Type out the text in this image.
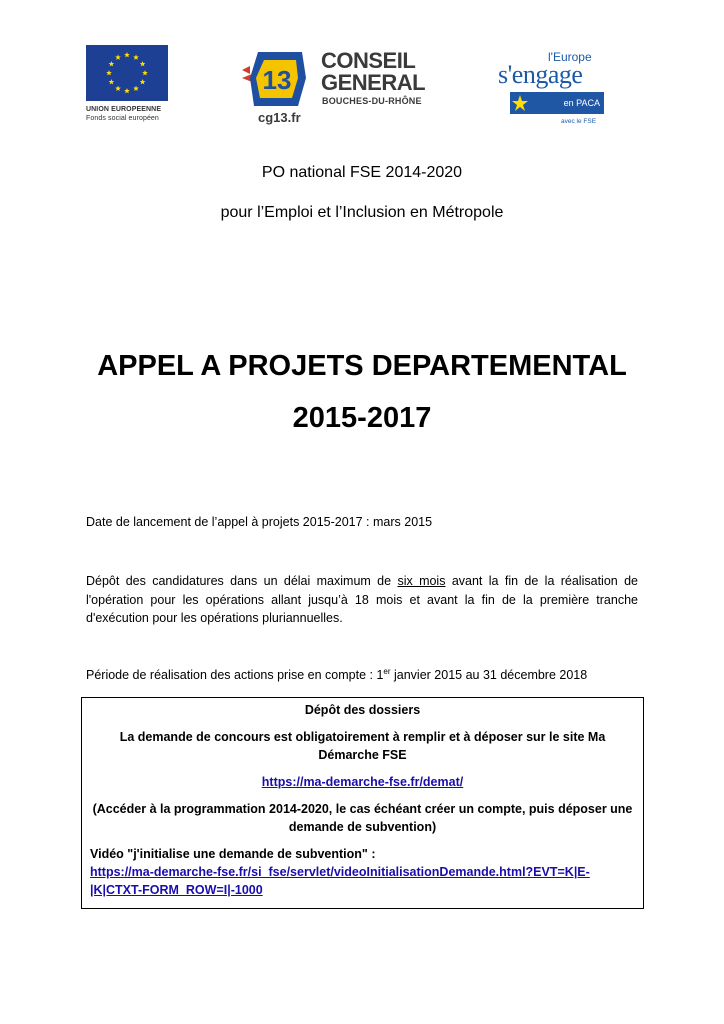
UNION EUROPEENNE
Fonds social européen
13
CONSEIL
GENERAL
BOUCHES-DU-RHÔNE
cg13.fr
l'Europe
s'engage
en PACA
avec le FSE
PO national FSE 2014-2020
pour l’Emploi et l’Inclusion en Métropole
APPEL A PROJETS DEPARTEMENTAL
2015-2017
Date de lancement de l’appel à projets 2015-2017 : mars 2015
Dépôt des candidatures dans un délai maximum de six mois avant la fin de la réalisation de l'opération pour les opérations allant jusqu’à 18 mois et avant la fin de la première tranche d'exécution pour les opérations pluriannuelles.
Période de réalisation des actions prise en compte : 1er janvier 2015 au 31 décembre 2018
Dépôt des dossiers
La demande de concours est obligatoirement à remplir et à déposer sur le site Ma Démarche FSE
https://ma-demarche-fse.fr/demat/
(Accéder à la programmation 2014-2020, le cas échéant créer un compte, puis déposer une demande de subvention)
Vidéo "j'initialise une demande de subvention" :
https://ma-demarche-fse.fr/si_fse/servlet/videoInitialisationDemande.html?EVT=K|E-|K|CTXT-FORM_ROW=I|-1000
